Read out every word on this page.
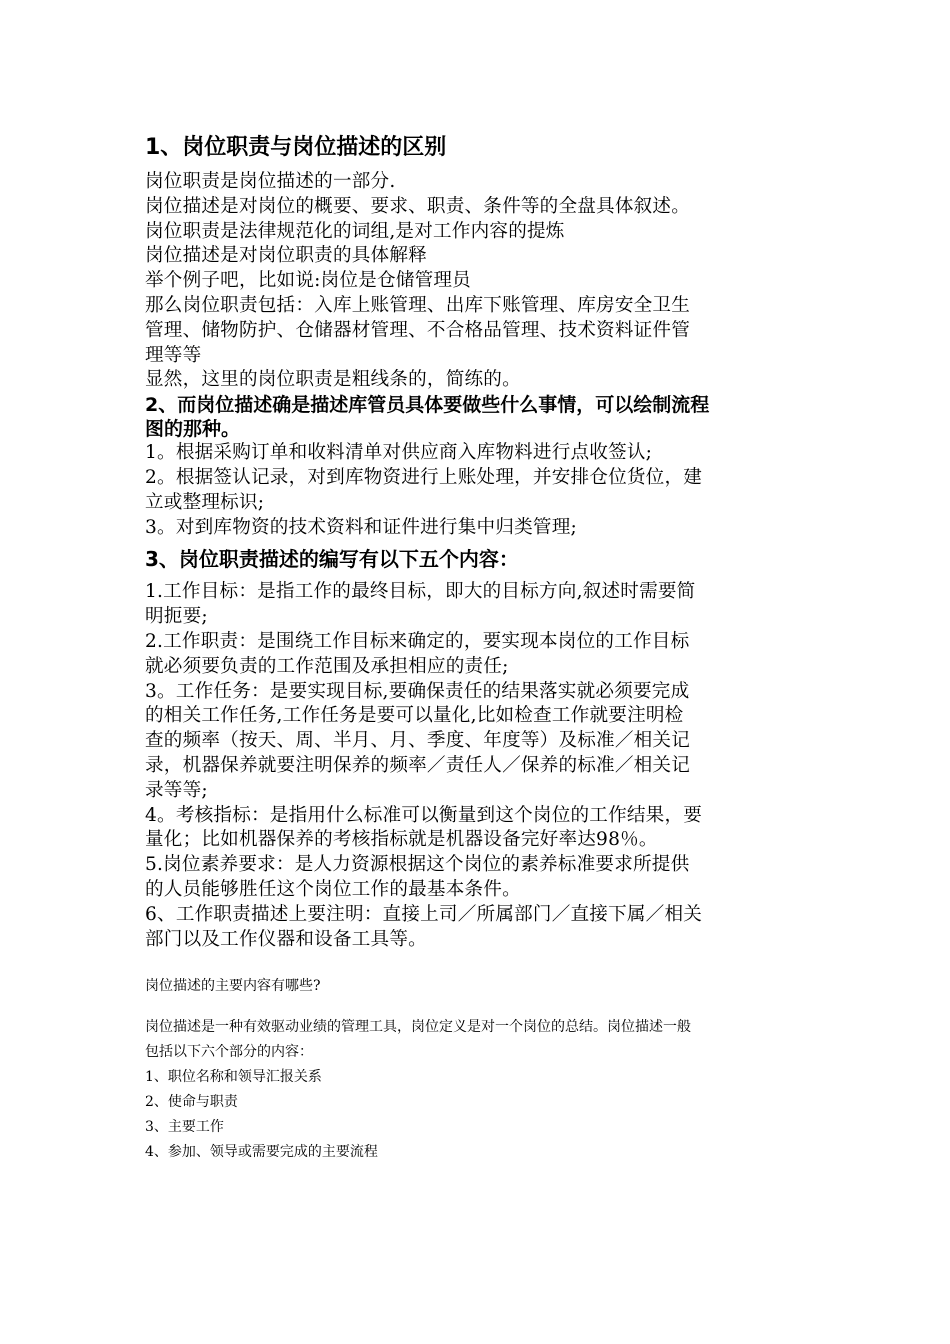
1、岗位职责与岗位描述的区别

岗位职责是岗位描述的一部分.

岗位描述是对岗位的概要、要求、职责、条件等的全盘具体叙述。

岗位职责是法律规范化的词组,是对工作内容的提炼

岗位描述是对岗位职责的具体解释

举个例子吧，比如说:岗位是仓储管理员

那么岗位职责包括：入库上账管理、出库下账管理、库房安全卫生

管理、储物防护、仓储器材管理、不合格品管理、技术资料证件管

理等等

显然，这里的岗位职责是粗线条的，简练的。

2、而岗位描述确是描述库管员具体要做些什么事情，可以绘制流程

图的那种。

1。根据采购订单和收料清单对供应商入库物料进行点收签认;

2。根据签认记录，对到库物资进行上账处理，并安排仓位货位，建

立或整理标识;

3。对到库物资的技术资料和证件进行集中归类管理;

3、岗位职责描述的编写有以下五个内容：

1.工作目标：是指工作的最终目标，即大的目标方向,叙述时需要简

明扼要;

2.工作职责：是围绕工作目标来确定的，要实现本岗位的工作目标

就必须要负责的工作范围及承担相应的责任;

3。工作任务：是要实现目标,要确保责任的结果落实就必须要完成

的相关工作任务,工作任务是要可以量化,比如检查工作就要注明检

查的频率（按天、周、半月、月、季度、年度等）及标准／相关记

录，机器保养就要注明保养的频率／责任人／保养的标准／相关记

录等等;

4。考核指标：是指用什么标准可以衡量到这个岗位的工作结果，要

量化；比如机器保养的考核指标就是机器设备完好率达98％。

5.岗位素养要求：是人力资源根据这个岗位的素养标准要求所提供

的人员能够胜任这个岗位工作的最基本条件。

6、工作职责描述上要注明：直接上司／所属部门／直接下属／相关

部门以及工作仪器和设备工具等。

岗位描述的主要内容有哪些?

岗位描述是一种有效驱动业绩的管理工具，岗位定义是对一个岗位的总结。岗位描述一般

包括以下六个部分的内容：

1、职位名称和领导汇报关系

2、使命与职责

3、主要工作

4、参加、领导或需要完成的主要流程
